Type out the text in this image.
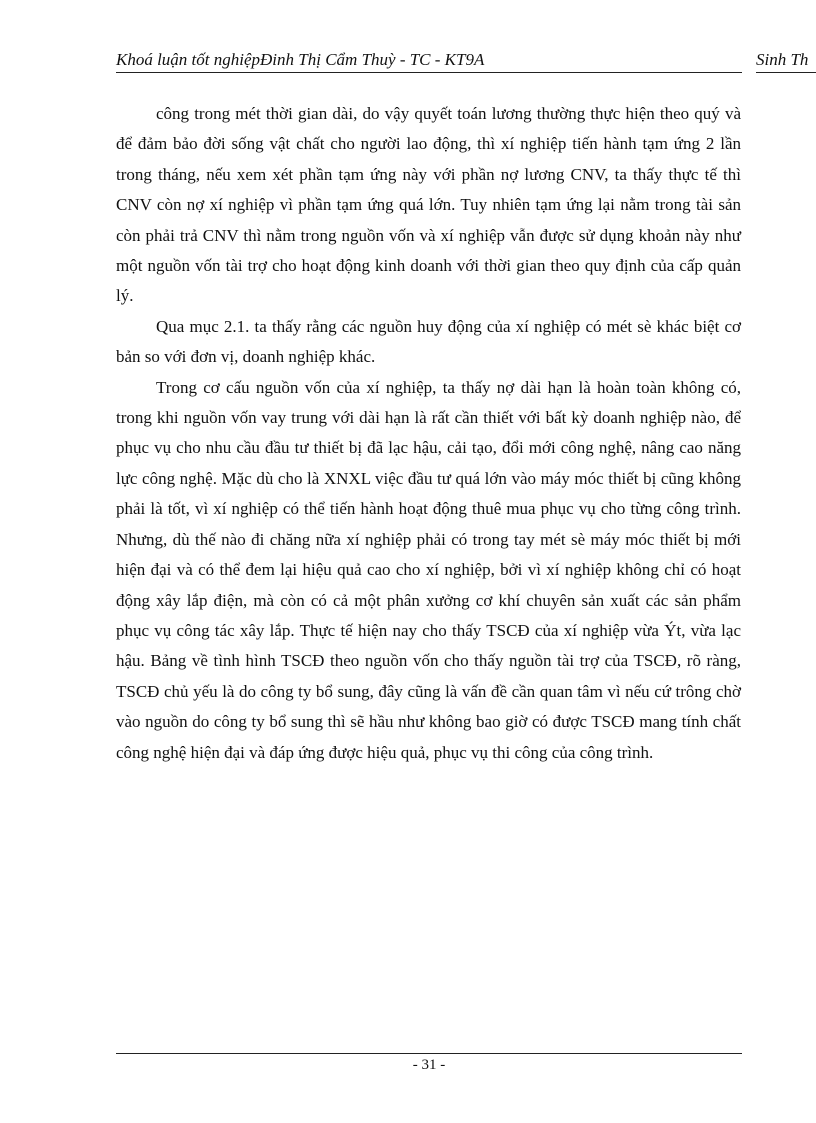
Khoá luận tốt nghiệpĐinh Thị Cẩm Thuỳ - TC - KT9A	Sinh Th

công trong mét thời gian dài, do vậy quyết toán lương thường thực hiện theo quý và để đảm bảo đời sống vật chất cho người lao động, thì xí nghiệp tiến hành tạm ứng 2 lần trong tháng, nếu xem xét phần tạm ứng này với phần nợ lương CNV, ta thấy thực tế thì CNV còn nợ xí nghiệp vì phần tạm ứng quá lớn. Tuy nhiên tạm ứng lại nằm trong tài sản còn phải trả CNV thì nằm trong nguồn vốn và xí nghiệp vẫn được sử dụng khoản này như một nguồn vốn tài trợ cho hoạt động kinh doanh với thời gian theo quy định của cấp quản lý.

Qua mục 2.1. ta thấy rằng các nguồn huy động của xí nghiệp có mét sè khác biệt cơ bản so với đơn vị, doanh nghiệp khác.

Trong cơ cấu nguồn vốn của xí nghiệp, ta thấy nợ dài hạn là hoàn toàn không có, trong khi nguồn vốn vay trung với dài hạn là rất cần thiết với bất kỳ doanh nghiệp nào, để phục vụ cho nhu cầu đầu tư thiết bị đã lạc hậu, cải tạo, đổi mới công nghệ, nâng cao năng lực công nghệ. Mặc dù cho là XNXL việc đầu tư quá lớn vào máy móc thiết bị cũng không phải là tốt, vì xí nghiệp có thể tiến hành hoạt động thuê mua phục vụ cho từng công trình. Nhưng, dù thế nào đi chăng nữa xí nghiệp phải có trong tay mét sè máy móc thiết bị mới hiện đại và có thể đem lại hiệu quả cao cho xí nghiệp, bởi vì xí nghiệp không chỉ có hoạt động xây lắp điện, mà còn có cả một phân xưởng cơ khí chuyên sản xuất các sản phẩm phục vụ công tác xây lắp. Thực tế hiện nay cho thấy TSCĐ của xí nghiệp vừa Ýt, vừa lạc hậu. Bảng về tình hình TSCĐ theo nguồn vốn cho thấy nguồn tài trợ của TSCĐ, rõ ràng, TSCĐ chủ yếu là do công ty bổ sung, đây cũng là vấn đề cần quan tâm vì nếu cứ trông chờ vào nguồn do công ty bổ sung thì sẽ hầu như không bao giờ có được TSCĐ mang tính chất công nghệ hiện đại và đáp ứng được hiệu quả, phục vụ thi công của công trình.

- 31 -
